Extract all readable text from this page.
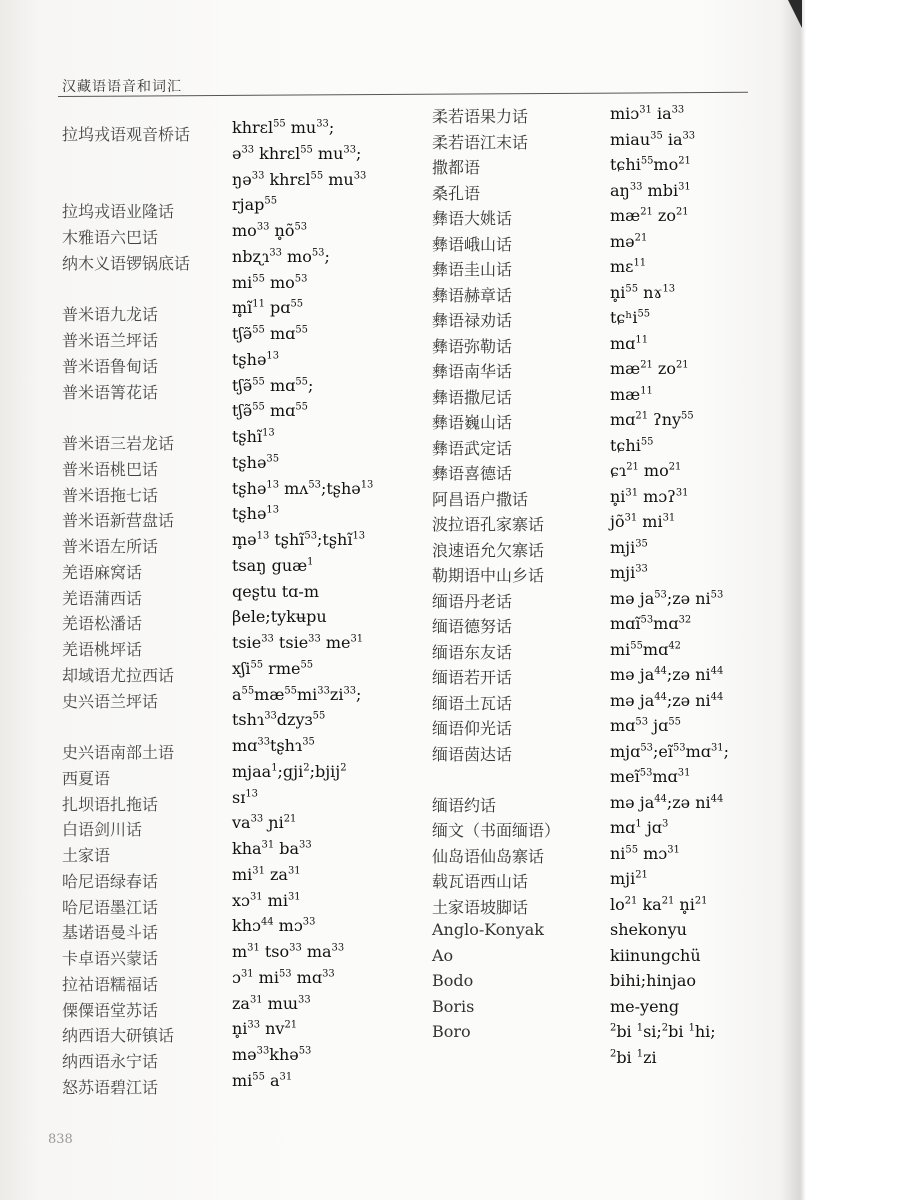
汉藏语语音和词汇
拉坞戎语观音桥话
拉坞戎语业隆话
木雅语六巴话
纳木义语锣锅底话
普米语九龙话
普米语兰坪话
普米语鲁甸话
普米语箐花话
普米语三岩龙话
普米语桃巴话
普米语拖七话
普米语新营盘话
普米语左所话
羌语麻窝话
羌语蒲西话
羌语松潘话
羌语桃坪话
却域语尤拉西话
史兴语兰坪话
史兴语南部土语
西夏语
扎坝语扎拖话
白语剑川话
土家语
哈尼语绿春话
哈尼语墨江话
基诺语曼斗话
卡卓语兴蒙话
拉祜语糯福话
傈僳语堂苏话
纳西语大研镇话
纳西语永宁话
怒苏语碧江话
khrɛl$^{55}$ $mu^{33}$;
ə$^{33}$ khrɛl$^{55}$ $mu^{33}$;
ŋə$^{33}$ khrɛl$^{55}$ $mu^{33}$
rjap$^{55}$
$mo^{33}$ $n̥õ^{53}$
nbʐɿ$^{33}$ $mo^{53}$;
$mi^{55}$ $mo^{53}$
$m̥ĩ^{11}$ pɑ$^{55}$
tʃə̃$^{55}$ mɑ$^{55}$
tʂhə$^{13}$
tʃə̃$^{55}$ mɑ$^{55}$;
tʃə̃$^{55}$ mɑ$^{55}$
tʂhĩ$^{13}$
tʂhə$^{35}$
tʂhə$^{13}$ mʌ$^{53}$;tʂhə$^{13}$
tʂhə$^{13}$
m̥ə$^{13}$ tʂhĩ$^{53}$;tʂhĩ$^{13}$
tsaŋ guæ$^1$
qeʂtu tɑ-m
βele;tykʉpu
tsie$^{33}$ tsie$^{33}$ $me^{31}$
xʃi$^{55}$ rme$^{55}$
$a^{55}mæ^{55}mi^{33}zi^{33}$;
tshɿ$^{33}$dzyɜ$^{55}$
mɑ$^{33}$tʂhɿ$^{35}$
mjaa$^1$;gji$^2$;bjij$^2$
sɪ$^{13}$
$va^{33}$ ɲi$^{21}$
kha$^{31}$ $ba^{33}$
$mi^{31}$ $za^{31}$
xɔ$^{31}$ $mi^{31}$
khɔ$^{44}$ mɔ$^{33}$
$m^{31}$ tso$^{33}$ $ma^{33}$
ɔ$^{31}$ $mi^{53}$ mɑ$^{33}$
$za^{31}$ mɯ$^{33}$
$n̥i^{33}$ $nv^{21}$
mə$^{33}$khə$^{53}$
$mi^{55}$ $a^{31}$
柔若语果力话
柔若语江末话
撒都语
桑孔语
彝语大姚话
彝语峨山话
彝语圭山话
彝语赫章话
彝语禄劝话
彝语弥勒话
彝语南华话
彝语撒尼话
彝语巍山话
彝语武定话
彝语喜德话
阿昌语户撒话
波拉语孔家寨话
浪速语允欠寨话
勒期语中山乡话
缅语丹老话
缅语德努话
缅语东友话
缅语若开话
缅语土瓦话
缅语仰光话
缅语茵达话
缅语约话
缅文（书面缅语）
仙岛语仙岛寨话
载瓦语西山话
土家语坡脚话
Anglo-Konyak
Ao
Bodo
Boris
Boro
miɔ$^{31}$ $ia^{33}$
miau$^{35}$ $ia^{33}$
$tɕhi^{55}mo^{21}$
$aŋ^{33}$ mbi$^{31}$
$mæ^{21}$ $zo^{21}$
mə$^{21}$
mɛ$^{11}$
$n̥i^{55}$ nɤ$^{13}$
tɕʰi$^{55}$
mɑ$^{11}$
$mæ^{21}$ $zo^{21}$
$mæ^{11}$
mɑ$^{21}$ ʔny$^{55}$
tɕhi$^{55}$
ɕɿ$^{21}$ $mo^{21}$
$n̥i^{31}$ mɔʔ$^{31}$
$jõ^{31}$ $mi^{31}$
mji$^{35}$
mji$^{33}$
mə $ja^{53};zə$ $ni^{53}$
mɑĩ$^{53}$mɑ$^{32}$
$mi^{55}mɑ^{42}$
mə $ja^{44};zə$ $ni^{44}$
mə $ja^{44};zə$ $ni^{44}$
mɑ$^{53}$ jɑ$^{55}$
$mjɑ^{53};eĩ^{53}mɑ^{31}$;
meĩ$^{53}$mɑ$^{31}$
mə $ja^{44};zə$ $ni^{44}$
mɑ$^1$ jɑ$^3$
$ni^{55}$ mɔ$^{31}$
mji$^{21}$
$lo^{21}$ $ka^{21}$ $n̥i^{21}$
shekonyu
kiinungchü
bihi;hinjao
me-yeng
$^2$bi $^1$si;$^2$bi $^1$hi;
$^2$bi $^1$zi
838
